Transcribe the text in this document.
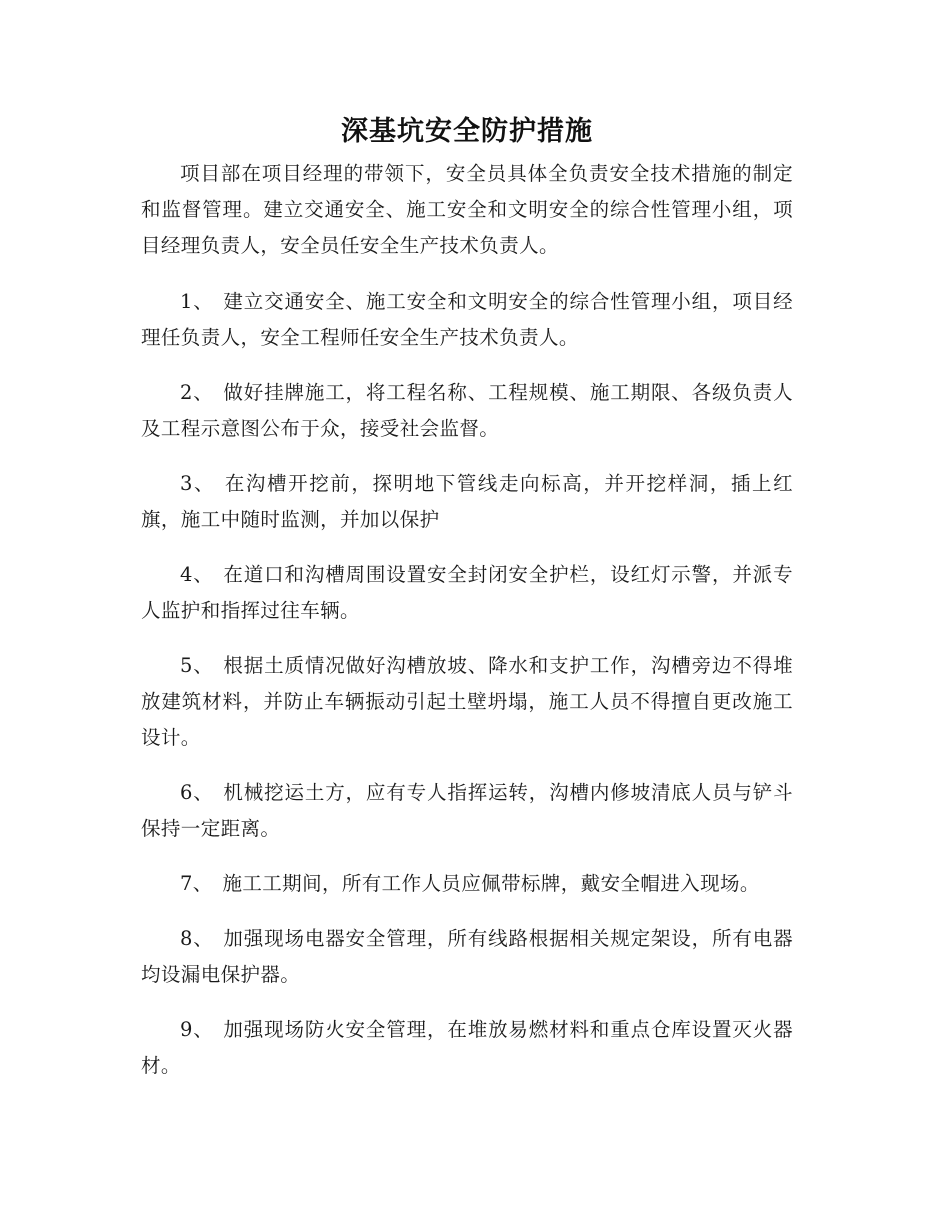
深基坑安全防护措施

项目部在项目经理的带领下，安全员具体全负责安全技术措施的制定和监督管理。建立交通安全、施工安全和文明安全的综合性管理小组，项目经理负责人，安全员任安全生产技术负责人。

1、 建立交通安全、施工安全和文明安全的综合性管理小组，项目经理任负责人，安全工程师任安全生产技术负责人。

2、 做好挂牌施工，将工程名称、工程规模、施工期限、各级负责人及工程示意图公布于众，接受社会监督。

3、 在沟槽开挖前，探明地下管线走向标高，并开挖样洞，插上红旗，施工中随时监测，并加以保护

4、 在道口和沟槽周围设置安全封闭安全护栏，设红灯示警，并派专人监护和指挥过往车辆。

5、 根据土质情况做好沟槽放坡、降水和支护工作，沟槽旁边不得堆放建筑材料，并防止车辆振动引起土壁坍塌，施工人员不得擅自更改施工设计。

6、 机械挖运土方，应有专人指挥运转，沟槽内修坡清底人员与铲斗保持一定距离。

7、 施工工期间，所有工作人员应佩带标牌，戴安全帽进入现场。

8、 加强现场电器安全管理，所有线路根据相关规定架设，所有电器均设漏电保护器。

9、 加强现场防火安全管理，在堆放易燃材料和重点仓库设置灭火器材。
